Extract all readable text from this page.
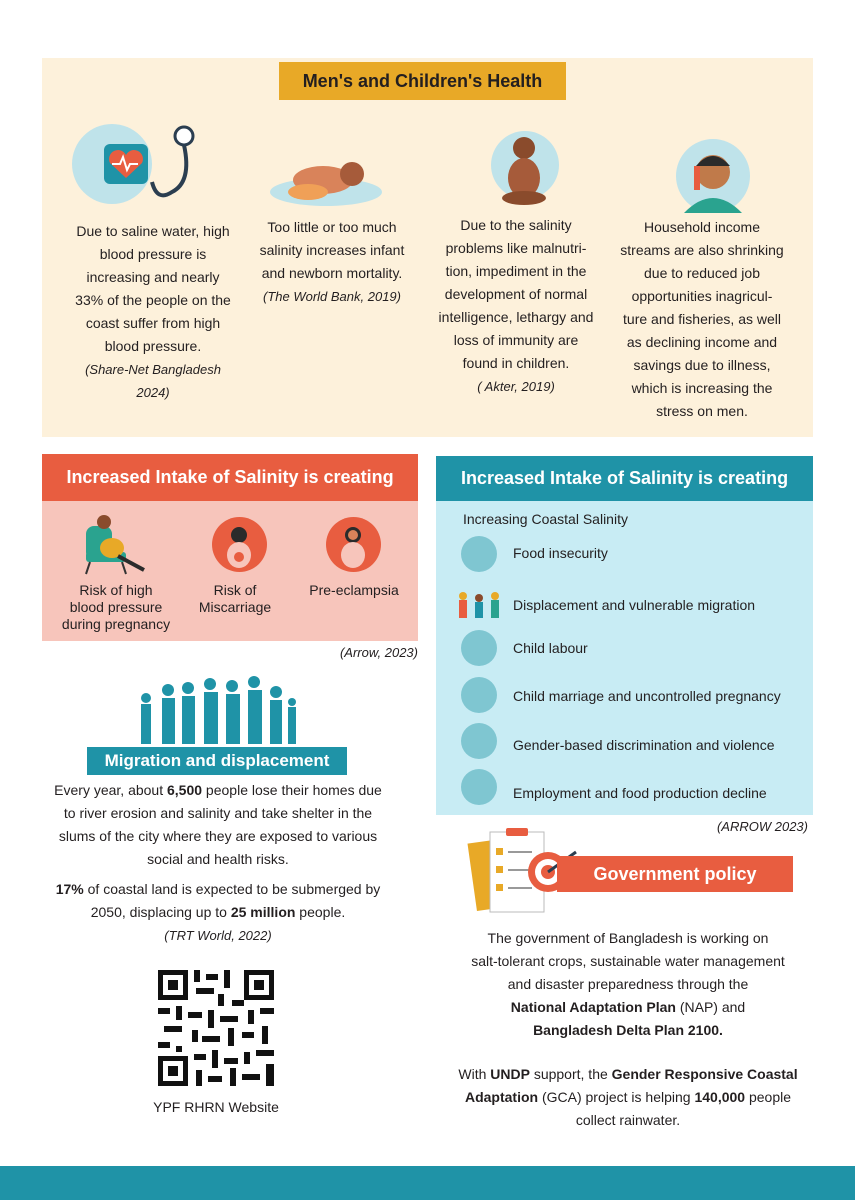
Men's and Children's Health
Due to saline water, high
blood pressure is
increasing and nearly
33% of the people on the
coast suffer from high
blood pressure.
(Share-Net Bangladesh
2024)
Too little or too much
salinity increases infant
and newborn mortality.
(The World Bank, 2019)
Due to the salinity
problems like malnutri-
tion, impediment in the
development of normal
intelligence, lethargy and
loss of immunity are
found in children.
( Akter, 2019)
Household income
streams are also shrinking
due to reduced job
opportunities inagricul-
ture and fisheries, as well
as declining income and
savings due to illness,
which is increasing the
stress on men.
Increased Intake of Salinity is creating
Risk of high
blood pressure
during pregnancy
Risk of
Miscarriage
Pre-eclampsia
(Arrow, 2023)
Increased Intake of Salinity is creating
Increasing Coastal Salinity
Food insecurity
Displacement and vulnerable migration
Child labour
Child marriage and uncontrolled pregnancy
Gender-based discrimination and violence
Employment and food production decline
(ARROW 2023)
Migration and displacement
Every year, about 6,500 people lose their homes due
to river erosion and salinity and take shelter in the
slums of the city where they are exposed to various
social and health risks.
17% of coastal land is expected to be submerged by
2050, displacing up to 25 million people.
(TRT World, 2022)
YPF RHRN Website
Government policy
The government of Bangladesh is working on
salt-tolerant crops, sustainable water management
and disaster preparedness through the
National Adaptation Plan (NAP) and
Bangladesh Delta Plan 2100.
With UNDP support, the Gender Responsive Coastal
Adaptation (GCA) project is helping 140,000 people
collect rainwater.
